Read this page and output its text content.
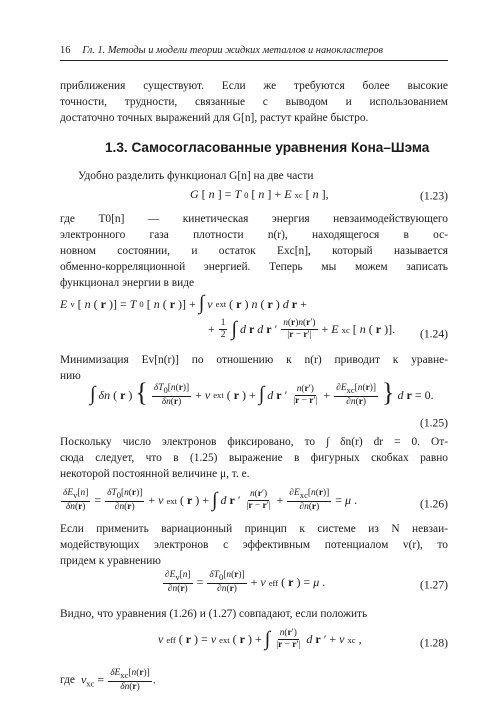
16 Гл. 1. Методы и модели теории жидких металлов и нанокластеров
приближения существуют. Если же требуются более высокие
точности, трудности, связанные с выводом и использованием
достаточно точных выражений для G[n], растут крайне быстро.
1.3. Самосогласованные уравнения Кона–Шэма
Удобно разделить функционал G[n] на две части
G [ n ] = T 0 [ n ] + E xc [ n ],	(1.23)
где T0[n] — кинетическая энергия невзаимодействующего
электронного газа плотности n(r), находящегося в ос-
новном состоянии, и остаток Exc[n], который называется
обменно-корреляционной энергией. Теперь мы можем записать
функционал энергии в виде
E v [ n ( r )] = T 0 [ n ( r )] + ∫ v ext ( r ) n ( r ) d r +
+ $\frac{1}{2}$ ∫ d r d r ′ $\frac{n(r)n(r')}{|r - r'|} + E$ xc [ n ( r )]. (1.24)
Минимизация Ev[n(r)] по отношению к n(r) приводит к уравне-
нию
∫ δn ( r ) { $\frac{\delta T0[n(r)]}{\delta n(r)} + v$ ext ( r ) + ∫ d r ′ $\frac{n(r')}{|r - r'|} + \frac{\text{∂Exc[n(r)]}}{\partial n(r)}$ } d r = 0.
(1.25)
Поскольку число электронов фиксировано, то ∫ δn(r) dr = 0. От-
сюда следует, что в (1.25) выражение в фигурных скобках равно
некоторой постоянной величине μ, т. е.
$\frac{\text{δEv[n]}}{\delta n(r)} = \frac{\delta T0[n(r)]}{\partial n(r)} + v$ ext ( r ) + ∫ d r ′ $\frac{n(r')}{|r - r'|} + \frac{\text{∂Exc[n(r)]}}{\partial n(r)} = \mu$ .	(1.26)
Если применить вариационный принцип к системе из N невзаи-
модействующих электронов с эффективным потенциалом v(r), то
придем к уравнению
$\frac{\partial Ev[n]}{\partial n(r)} = \frac{\delta T0[n(r)]}{\partial n(r)} + v$ eff ( r ) = μ .	(1.27)
Видно, что уравнения (1.26) и (1.27) совпадают, если положить
v eff ( r ) = v ext ( r ) + ∫ $\frac{n(r')}{|r - r'|}$ d r ′ + v xc ,	(1.28)
где $v_{xc} = \frac{\text{δExc[n(r)]}}{\delta n(r)}$ .
